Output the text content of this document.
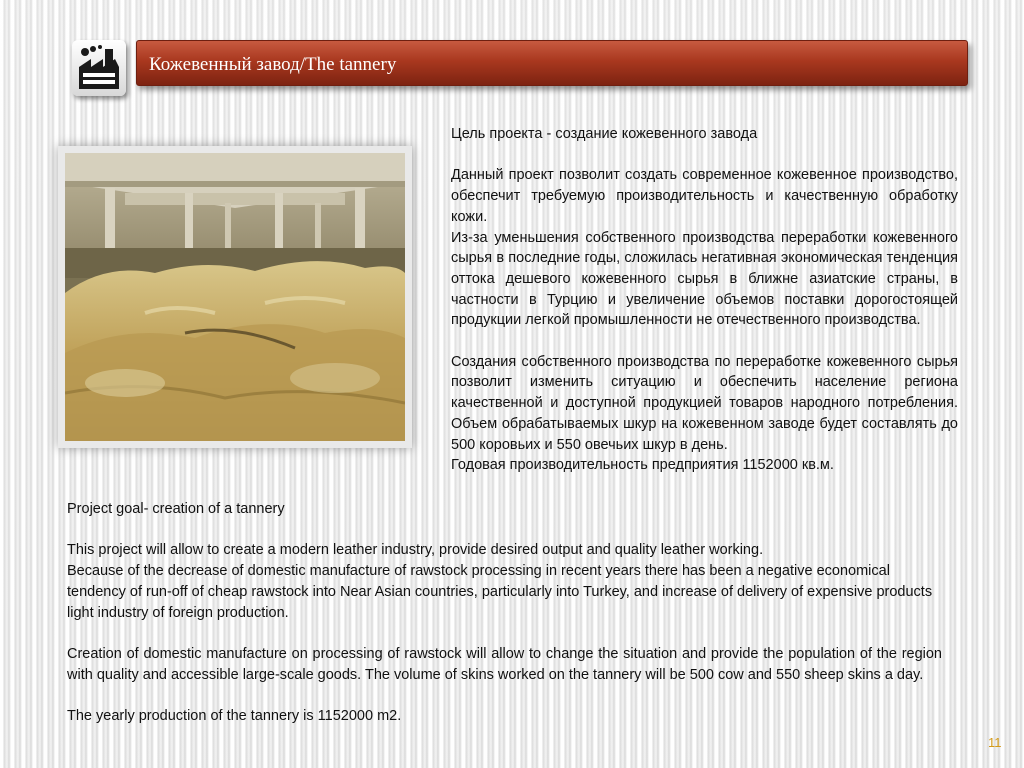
Кожевенный завод/The tannery

Цель проекта - создание кожевенного завода

Данный проект позволит создать современное кожевенное производство, обеспечит требуемую производительность и качественную обработку кожи.

Из-за уменьшения собственного производства переработки кожевенного сырья в последние годы, сложилась негативная экономическая тенденция оттока дешевого кожевенного сырья в ближне азиатские страны, в частности в Турцию и увеличение объемов поставки дорогостоящей продукции легкой промышленности не отечественного производства.

Создания собственного производства по переработке кожевенного сырья позволит изменить ситуацию и обеспечить население региона качественной и доступной продукцией товаров народного потребления. Объем обрабатываемых шкур на кожевенном заводе будет составлять до 500 коровьих и 550 овечьих шкур в день.

Годовая производительность предприятия 1152000 кв.м.

Project goal- creation of a tannery

This project will allow to create a modern leather industry, provide desired output and quality leather working.

Because of the decrease of domestic manufacture of rawstock processing in recent years there has been a negative economical tendency of run-off of cheap rawstock into Near Asian countries, particularly into Turkey, and increase of delivery of expensive products light industry of foreign production.

Creation of domestic manufacture on processing of rawstock will allow to change the situation and provide the population of the region with quality and accessible large-scale goods. The volume of skins worked on the tannery will be 500 cow and 550 sheep skins a day.

The yearly production of the tannery is 1152000 m2.

11
